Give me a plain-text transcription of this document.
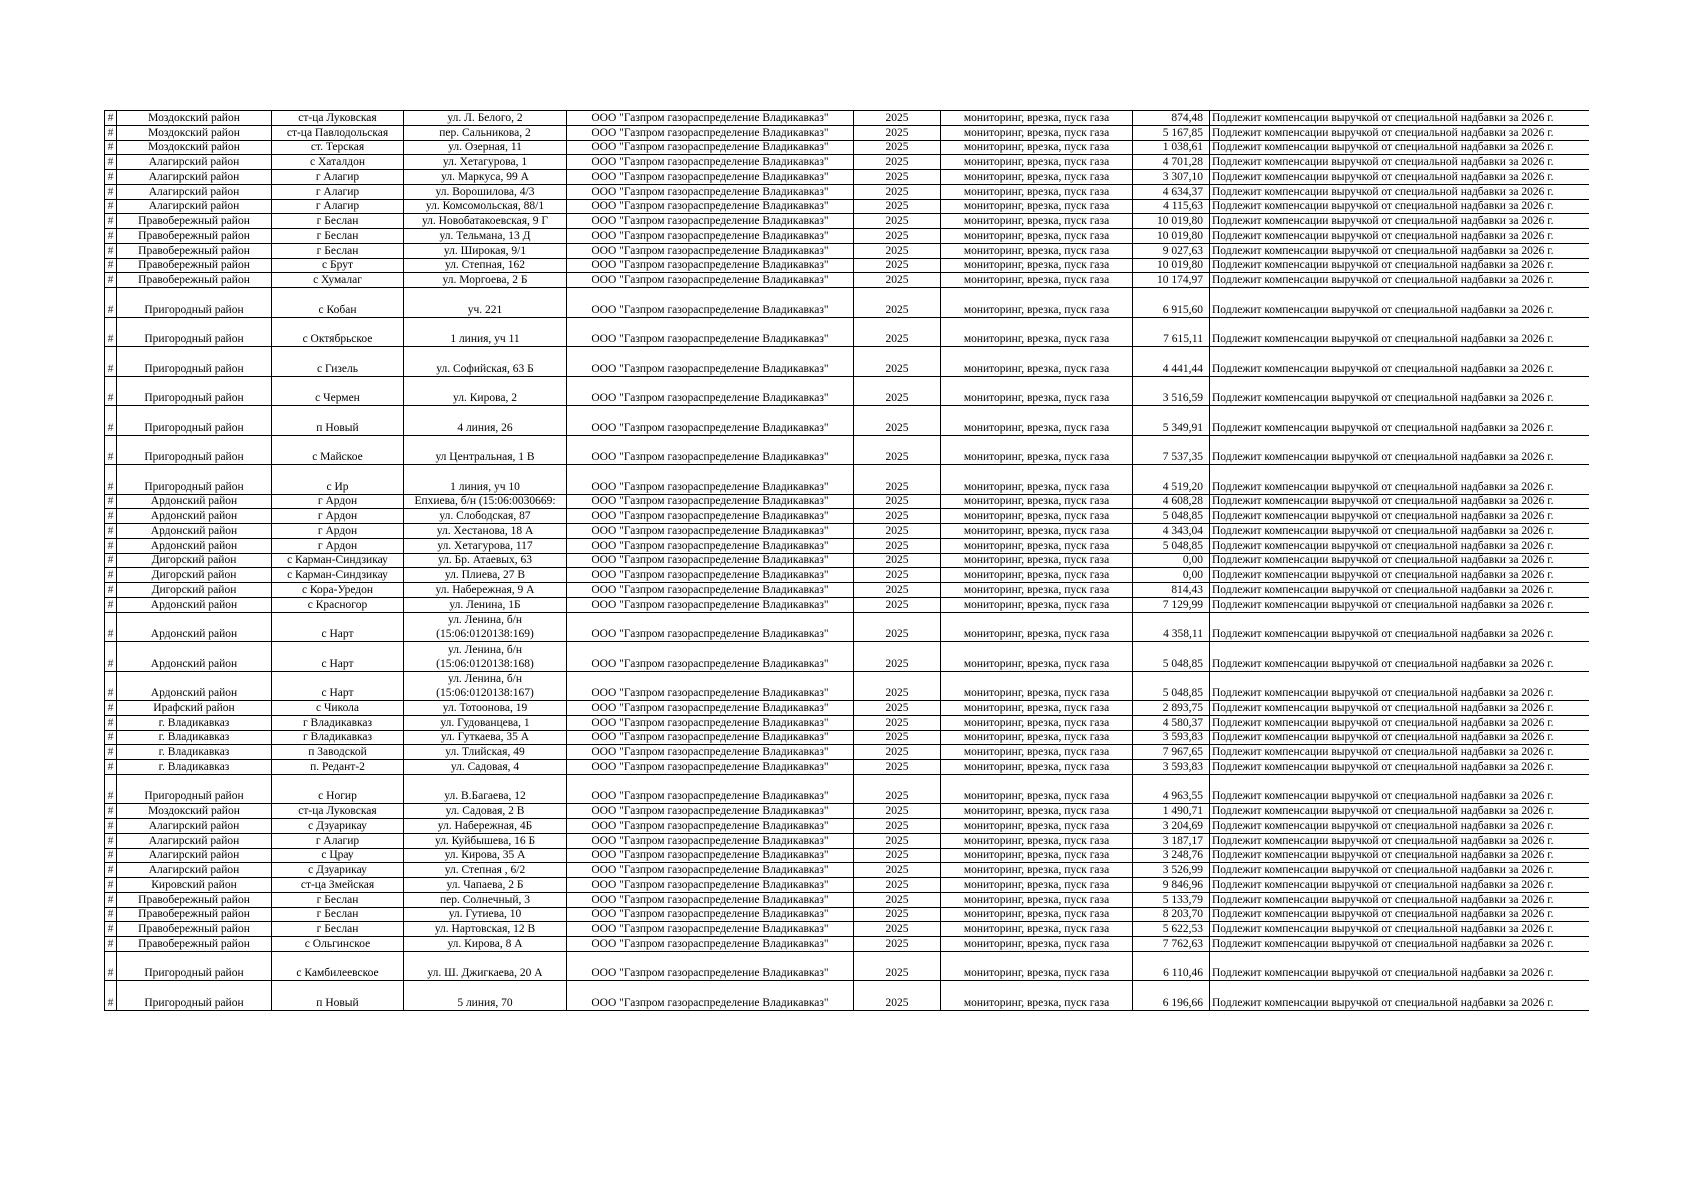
#	Моздокский район	ст-ца Луковская	ул. Л. Белого, 2	ООО "Газпром газораспределение Владикавказ"	2025	мониторинг, врезка, пуск газа	874,48	Подлежит компенсации выручкой от специальной надбавки за 2026 г.
#	Моздокский район	ст-ца Павлодольская	пер. Сальникова, 2	ООО "Газпром газораспределение Владикавказ"	2025	мониторинг, врезка, пуск газа	5 167,85	Подлежит компенсации выручкой от специальной надбавки за 2026 г.
#	Моздокский район	ст. Терская	ул. Озерная, 11	ООО "Газпром газораспределение Владикавказ"	2025	мониторинг, врезка, пуск газа	1 038,61	Подлежит компенсации выручкой от специальной надбавки за 2026 г.
#	Алагирский район	с Хаталдон	ул. Хетагурова, 1	ООО "Газпром газораспределение Владикавказ"	2025	мониторинг, врезка, пуск газа	4 701,28	Подлежит компенсации выручкой от специальной надбавки за 2026 г.
#	Алагирский район	г Алагир	ул. Маркуса, 99 А	ООО "Газпром газораспределение Владикавказ"	2025	мониторинг, врезка, пуск газа	3 307,10	Подлежит компенсации выручкой от специальной надбавки за 2026 г.
#	Алагирский район	г Алагир	ул. Ворошилова, 4/3	ООО "Газпром газораспределение Владикавказ"	2025	мониторинг, врезка, пуск газа	4 634,37	Подлежит компенсации выручкой от специальной надбавки за 2026 г.
#	Алагирский район	г Алагир	ул. Комсомольская, 88/1	ООО "Газпром газораспределение Владикавказ"	2025	мониторинг, врезка, пуск газа	4 115,63	Подлежит компенсации выручкой от специальной надбавки за 2026 г.
#	Правобережный район	г Беслан	ул. Новобатакоевская, 9 Г	ООО "Газпром газораспределение Владикавказ"	2025	мониторинг, врезка, пуск газа	10 019,80	Подлежит компенсации выручкой от специальной надбавки за 2026 г.
#	Правобережный район	г Беслан	ул. Тельмана, 13 Д	ООО "Газпром газораспределение Владикавказ"	2025	мониторинг, врезка, пуск газа	10 019,80	Подлежит компенсации выручкой от специальной надбавки за 2026 г.
#	Правобережный район	г Беслан	ул. Широкая, 9/1	ООО "Газпром газораспределение Владикавказ"	2025	мониторинг, врезка, пуск газа	9 027,63	Подлежит компенсации выручкой от специальной надбавки за 2026 г.
#	Правобережный район	с Брут	ул. Степная, 162	ООО "Газпром газораспределение Владикавказ"	2025	мониторинг, врезка, пуск газа	10 019,80	Подлежит компенсации выручкой от специальной надбавки за 2026 г.
#	Правобережный район	с Хумалаг	ул. Моргоева, 2 Б	ООО "Газпром газораспределение Владикавказ"	2025	мониторинг, врезка, пуск газа	10 174,97	Подлежит компенсации выручкой от специальной надбавки за 2026 г.
#	Пригородный район	с Кобан	уч. 221	ООО "Газпром газораспределение Владикавказ"	2025	мониторинг, врезка, пуск газа	6 915,60	Подлежит компенсации выручкой от специальной надбавки за 2026 г.
#	Пригородный район	с Октябрьское	1 линия, уч 11	ООО "Газпром газораспределение Владикавказ"	2025	мониторинг, врезка, пуск газа	7 615,11	Подлежит компенсации выручкой от специальной надбавки за 2026 г.
#	Пригородный район	с Гизель	ул. Софийская, 63 Б	ООО "Газпром газораспределение Владикавказ"	2025	мониторинг, врезка, пуск газа	4 441,44	Подлежит компенсации выручкой от специальной надбавки за 2026 г.
#	Пригородный район	с Чермен	ул. Кирова, 2	ООО "Газпром газораспределение Владикавказ"	2025	мониторинг, врезка, пуск газа	3 516,59	Подлежит компенсации выручкой от специальной надбавки за 2026 г.
#	Пригородный район	п Новый	4 линия, 26	ООО "Газпром газораспределение Владикавказ"	2025	мониторинг, врезка, пуск газа	5 349,91	Подлежит компенсации выручкой от специальной надбавки за 2026 г.
#	Пригородный район	с Майское	ул Центральная, 1 В	ООО "Газпром газораспределение Владикавказ"	2025	мониторинг, врезка, пуск газа	7 537,35	Подлежит компенсации выручкой от специальной надбавки за 2026 г.
#	Пригородный район	с Ир	1 линия, уч 10	ООО "Газпром газораспределение Владикавказ"	2025	мониторинг, врезка, пуск газа	4 519,20	Подлежит компенсации выручкой от специальной надбавки за 2026 г.
#	Ардонский район	г Ардон	Епхиева, б/н (15:06:0030669:	ООО "Газпром газораспределение Владикавказ"	2025	мониторинг, врезка, пуск газа	4 608,28	Подлежит компенсации выручкой от специальной надбавки за 2026 г.
#	Ардонский район	г Ардон	ул. Слободская, 87	ООО "Газпром газораспределение Владикавказ"	2025	мониторинг, врезка, пуск газа	5 048,85	Подлежит компенсации выручкой от специальной надбавки за 2026 г.
#	Ардонский район	г Ардон	ул. Хестанова, 18 А	ООО "Газпром газораспределение Владикавказ"	2025	мониторинг, врезка, пуск газа	4 343,04	Подлежит компенсации выручкой от специальной надбавки за 2026 г.
#	Ардонский район	г Ардон	ул. Хетагурова, 117	ООО "Газпром газораспределение Владикавказ"	2025	мониторинг, врезка, пуск газа	5 048,85	Подлежит компенсации выручкой от специальной надбавки за 2026 г.
#	Дигорский район	с Карман-Синдзикау	ул. Бр. Атаевых, 63	ООО "Газпром газораспределение Владикавказ"	2025	мониторинг, врезка, пуск газа	0,00	Подлежит компенсации выручкой от специальной надбавки за 2026 г.
#	Дигорский район	с Карман-Синдзикау	ул. Плиева, 27 В	ООО "Газпром газораспределение Владикавказ"	2025	мониторинг, врезка, пуск газа	0,00	Подлежит компенсации выручкой от специальной надбавки за 2026 г.
#	Дигорский район	с Кора-Уредон	ул. Набережная, 9 А	ООО "Газпром газораспределение Владикавказ"	2025	мониторинг, врезка, пуск газа	814,43	Подлежит компенсации выручкой от специальной надбавки за 2026 г.
#	Ардонский район	с Красногор	ул. Ленина, 1Б	ООО "Газпром газораспределение Владикавказ"	2025	мониторинг, врезка, пуск газа	7 129,99	Подлежит компенсации выручкой от специальной надбавки за 2026 г.
#	Ардонский район	с Нарт	ул. Ленина, б/н (15:06:0120138:169)	ООО "Газпром газораспределение Владикавказ"	2025	мониторинг, врезка, пуск газа	4 358,11	Подлежит компенсации выручкой от специальной надбавки за 2026 г.
#	Ардонский район	с Нарт	ул. Ленина, б/н (15:06:0120138:168)	ООО "Газпром газораспределение Владикавказ"	2025	мониторинг, врезка, пуск газа	5 048,85	Подлежит компенсации выручкой от специальной надбавки за 2026 г.
#	Ардонский район	с Нарт	ул. Ленина, б/н (15:06:0120138:167)	ООО "Газпром газораспределение Владикавказ"	2025	мониторинг, врезка, пуск газа	5 048,85	Подлежит компенсации выручкой от специальной надбавки за 2026 г.
#	Ирафский район	с Чикола	ул. Тотоонова, 19	ООО "Газпром газораспределение Владикавказ"	2025	мониторинг, врезка, пуск газа	2 893,75	Подлежит компенсации выручкой от специальной надбавки за 2026 г.
#	г. Владикавказ	г Владикавказ	ул. Гудованцева, 1	ООО "Газпром газораспределение Владикавказ"	2025	мониторинг, врезка, пуск газа	4 580,37	Подлежит компенсации выручкой от специальной надбавки за 2026 г.
#	г. Владикавказ	г Владикавказ	ул. Гуткаева, 35 А	ООО "Газпром газораспределение Владикавказ"	2025	мониторинг, врезка, пуск газа	3 593,83	Подлежит компенсации выручкой от специальной надбавки за 2026 г.
#	г. Владикавказ	п Заводской	ул. Тлийская, 49	ООО "Газпром газораспределение Владикавказ"	2025	мониторинг, врезка, пуск газа	7 967,65	Подлежит компенсации выручкой от специальной надбавки за 2026 г.
#	г. Владикавказ	п. Редант-2	ул. Садовая, 4	ООО "Газпром газораспределение Владикавказ"	2025	мониторинг, врезка, пуск газа	3 593,83	Подлежит компенсации выручкой от специальной надбавки за 2026 г.
#	Пригородный район	с Ногир	ул. В.Багаева, 12	ООО "Газпром газораспределение Владикавказ"	2025	мониторинг, врезка, пуск газа	4 963,55	Подлежит компенсации выручкой от специальной надбавки за 2026 г.
#	Моздокский район	ст-ца Луковская	ул. Садовая, 2 В	ООО "Газпром газораспределение Владикавказ"	2025	мониторинг, врезка, пуск газа	1 490,71	Подлежит компенсации выручкой от специальной надбавки за 2026 г.
#	Алагирский район	с Дзуарикау	ул. Набережная, 4Б	ООО "Газпром газораспределение Владикавказ"	2025	мониторинг, врезка, пуск газа	3 204,69	Подлежит компенсации выручкой от специальной надбавки за 2026 г.
#	Алагирский район	г Алагир	ул. Куйбышева, 16 Б	ООО "Газпром газораспределение Владикавказ"	2025	мониторинг, врезка, пуск газа	3 187,17	Подлежит компенсации выручкой от специальной надбавки за 2026 г.
#	Алагирский район	с Црау	ул. Кирова, 35 А	ООО "Газпром газораспределение Владикавказ"	2025	мониторинг, врезка, пуск газа	3 248,76	Подлежит компенсации выручкой от специальной надбавки за 2026 г.
#	Алагирский район	с Дзуарикау	ул. Степная , 6/2	ООО "Газпром газораспределение Владикавказ"	2025	мониторинг, врезка, пуск газа	3 526,99	Подлежит компенсации выручкой от специальной надбавки за 2026 г.
#	Кировский район	ст-ца Змейская	ул. Чапаева, 2 Б	ООО "Газпром газораспределение Владикавказ"	2025	мониторинг, врезка, пуск газа	9 846,96	Подлежит компенсации выручкой от специальной надбавки за 2026 г.
#	Правобережный район	г Беслан	пер. Солнечный, 3	ООО "Газпром газораспределение Владикавказ"	2025	мониторинг, врезка, пуск газа	5 133,79	Подлежит компенсации выручкой от специальной надбавки за 2026 г.
#	Правобережный район	г Беслан	ул. Гутиева, 10	ООО "Газпром газораспределение Владикавказ"	2025	мониторинг, врезка, пуск газа	8 203,70	Подлежит компенсации выручкой от специальной надбавки за 2026 г.
#	Правобережный район	г Беслан	ул. Нартовская, 12 В	ООО "Газпром газораспределение Владикавказ"	2025	мониторинг, врезка, пуск газа	5 622,53	Подлежит компенсации выручкой от специальной надбавки за 2026 г.
#	Правобережный район	с Ольгинское	ул. Кирова, 8 А	ООО "Газпром газораспределение Владикавказ"	2025	мониторинг, врезка, пуск газа	7 762,63	Подлежит компенсации выручкой от специальной надбавки за 2026 г.
#	Пригородный район	с Камбилеевское	ул. Ш. Джигкаева, 20 А	ООО "Газпром газораспределение Владикавказ"	2025	мониторинг, врезка, пуск газа	6 110,46	Подлежит компенсации выручкой от специальной надбавки за 2026 г.
#	Пригородный район	п Новый	5 линия, 70	ООО "Газпром газораспределение Владикавказ"	2025	мониторинг, врезка, пуск газа	6 196,66	Подлежит компенсации выручкой от специальной надбавки за 2026 г.
